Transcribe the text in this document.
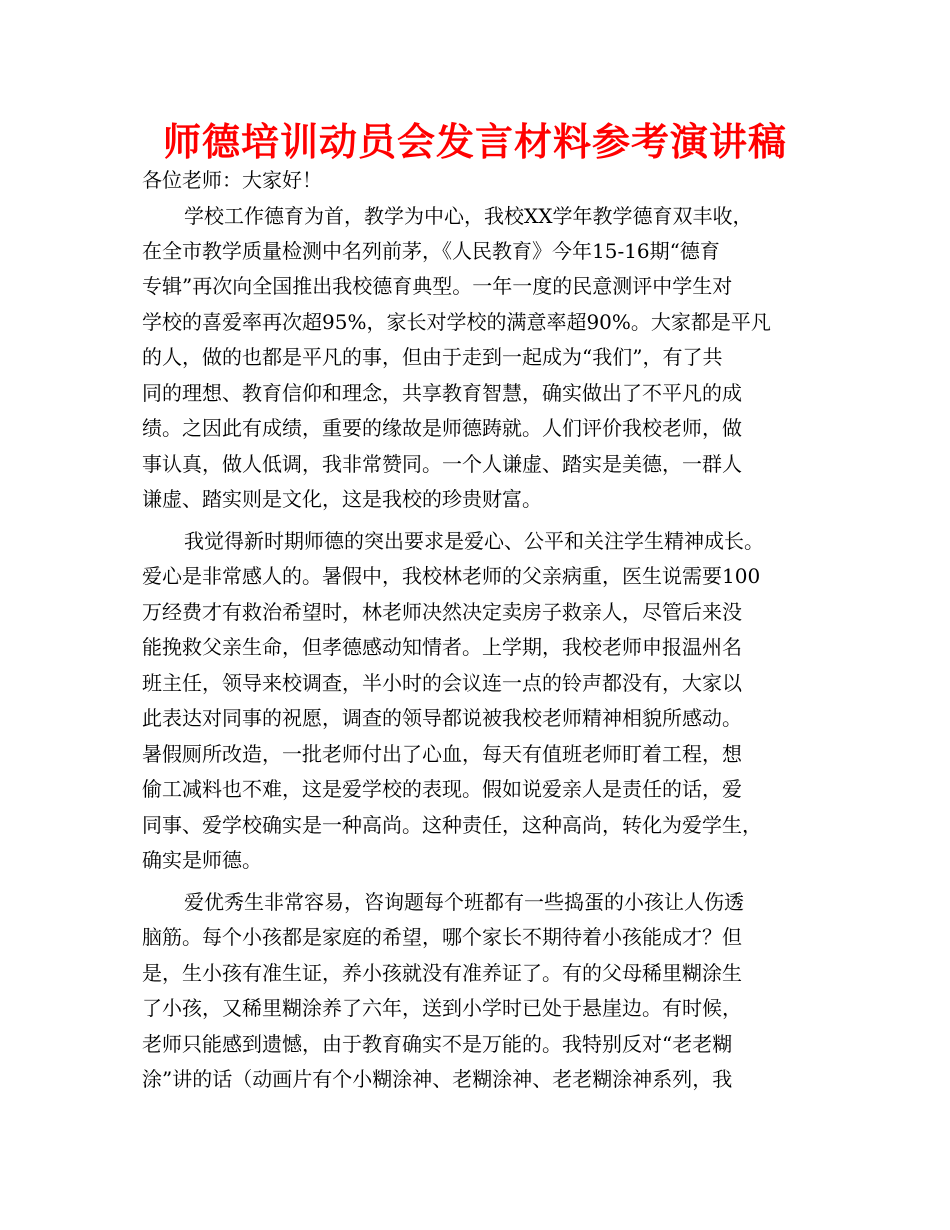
师德培训动员会发言材料参考演讲稿
各位老师：大家好！
学校工作德育为首，教学为中心，我校XX学年教学德育双丰收，
在全市教学质量检测中名列前茅，《人民教育》今年15-16期“德育
专辑”再次向全国推出我校德育典型。一年一度的民意测评中学生对
学校的喜爱率再次超95%，家长对学校的满意率超90%。大家都是平凡
的人，做的也都是平凡的事，但由于走到一起成为“我们”，有了共
同的理想、教育信仰和理念，共享教育智慧，确实做出了不平凡的成
绩。之因此有成绩，重要的缘故是师德踌就。人们评价我校老师，做
事认真，做人低调，我非常赞同。一个人谦虚、踏实是美德，一群人
谦虚、踏实则是文化，这是我校的珍贵财富。
我觉得新时期师德的突出要求是爱心、公平和关注学生精神成长。
爱心是非常感人的。暑假中，我校林老师的父亲病重，医生说需要100
万经费才有救治希望时，林老师决然决定卖房子救亲人，尽管后来没
能挽救父亲生命，但孝德感动知情者。上学期，我校老师申报温州名
班主任，领导来校调查，半小时的会议连一点的铃声都没有，大家以
此表达对同事的祝愿，调查的领导都说被我校老师精神相貌所感动。
暑假厕所改造，一批老师付出了心血，每天有值班老师盯着工程，想
偷工减料也不难，这是爱学校的表现。假如说爱亲人是责任的话，爱
同事、爱学校确实是一种高尚。这种责任，这种高尚，转化为爱学生，
确实是师德。
爱优秀生非常容易，咨询题每个班都有一些捣蛋的小孩让人伤透
脑筋。每个小孩都是家庭的希望，哪个家长不期待着小孩能成才？但
是，生小孩有准生证，养小孩就没有准养证了。有的父母稀里糊涂生
了小孩，又稀里糊涂养了六年，送到小学时已处于悬崖边。有时候，
老师只能感到遗憾，由于教育确实不是万能的。我特别反对“老老糊
涂”讲的话（动画片有个小糊涂神、老糊涂神、老老糊涂神系列，我
